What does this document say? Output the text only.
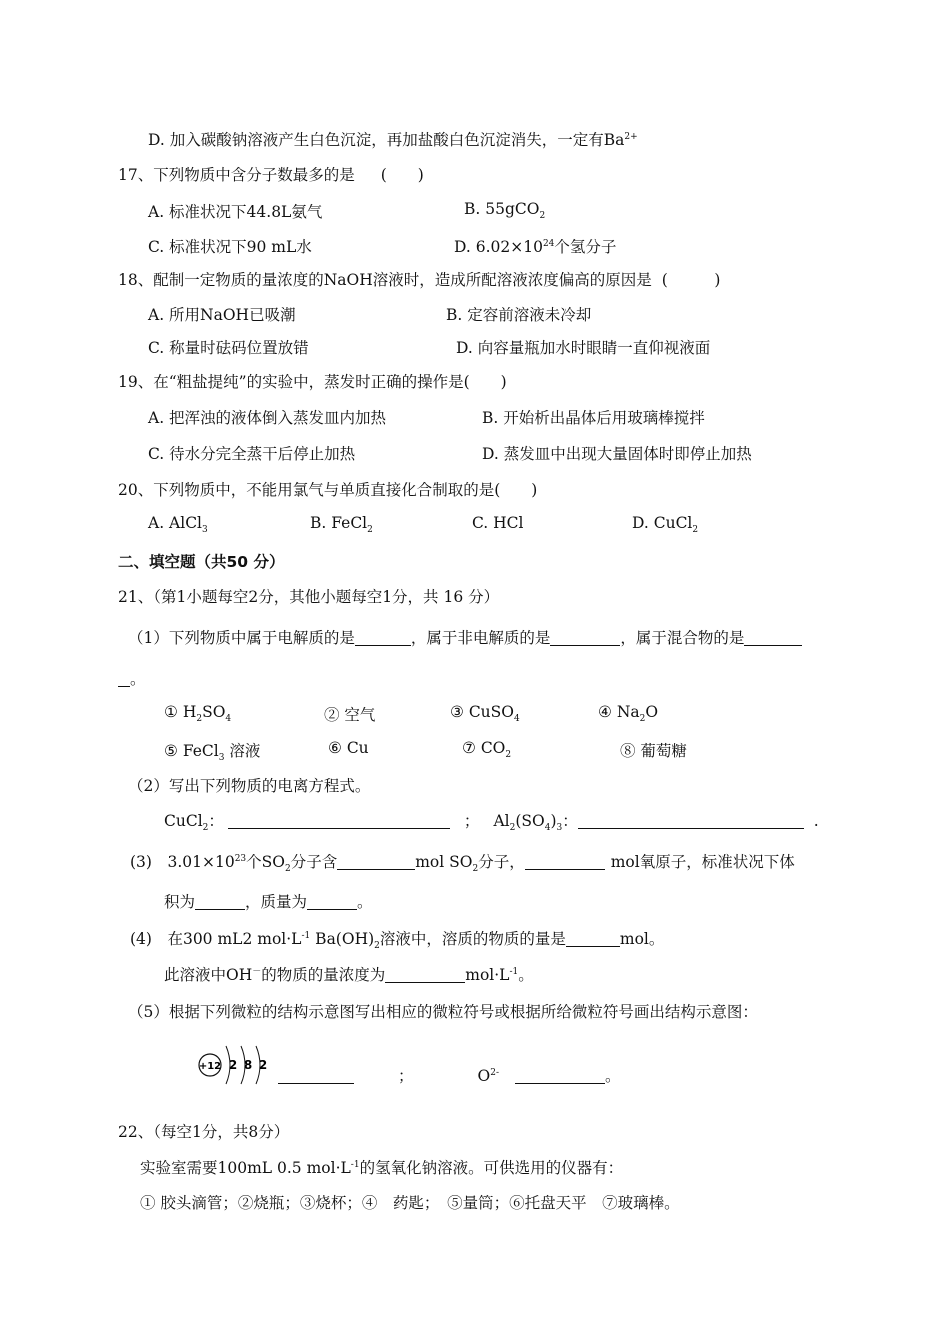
D. 加入碳酸钠溶液产生白色沉淀，再加盐酸白色沉淀消失，一定有$Ba^{2+}$
17、下列物质中含分子数最多的是 (　　)
A. 标准状况下44.8L氨气	B. 55gCO$_2$
C. 标准状况下90 mL水	D. $6.02\times 10^{24}$个氢分子
18、配制一定物质的量浓度的NaOH溶液时，造成所配溶液浓度偏高的原因是 (　　　)
A. 所用NaOH已吸潮	B. 定容前溶液未冷却
C. 称量时砝码位置放错	D. 向容量瓶加水时眼睛一直仰视液面
19、在“粗盐提纯”的实验中，蒸发时正确的操作是(　　)
A. 把浑浊的液体倒入蒸发皿内加热	B. 开始析出晶体后用玻璃棒搅拌
C. 待水分完全蒸干后停止加热	D. 蒸发皿中出现大量固体时即停止加热
20、下列物质中，不能用氯气与单质直接化合制取的是(　　)
A. AlCl$_3$	B. FeCl$_2$	C. HCl	D. CuCl$_2$
二、填空题（共50 分）
21、（第1小题每空2分，其他小题每空1分，共 16 分）
（1）下列物质中属于电解质的是	，属于非电解质的是	，属于混合物的是
。
① $H_2SO_4$	② 空气	③ CuSO$_4$	④ $Na_2O$
⑤ FeCl$_3$ 溶液	⑥ Cu	⑦ $CO_2$	⑧ 葡萄糖
（2）写出下列物质的电离方程式。
CuCl$_2$：	； $Al_2(SO_4)_3$：	.
(3)　$3.01\times 10^{23}$个$SO_2$分子含	mol $SO_2$分子，	mol氧原子，标准状况下体
积为	，质量为	。
(4)　在300 mL2 $mol\cdot L^{-1}$ $Ba(OH)_2$溶液中，溶质的物质的量是	mol。
此溶液中OH－的物质的量浓度为	$mol\cdot L^{-1}$。
（5）根据下列微粒的结构示意图写出相应的微粒符号或根据所给微粒符号画出结构示意图：
+12 2 8 2
；	$O^{2-}$	。
22、（每空1分，共8分）
实验室需要100mL 0.5 $mol\cdot L^{-1}$的氢氧化钠溶液。可供选用的仪器有：
① 胶头滴管；②烧瓶；③烧杯；④　药匙；　⑤量筒；⑥托盘天平　⑦玻璃棒。
